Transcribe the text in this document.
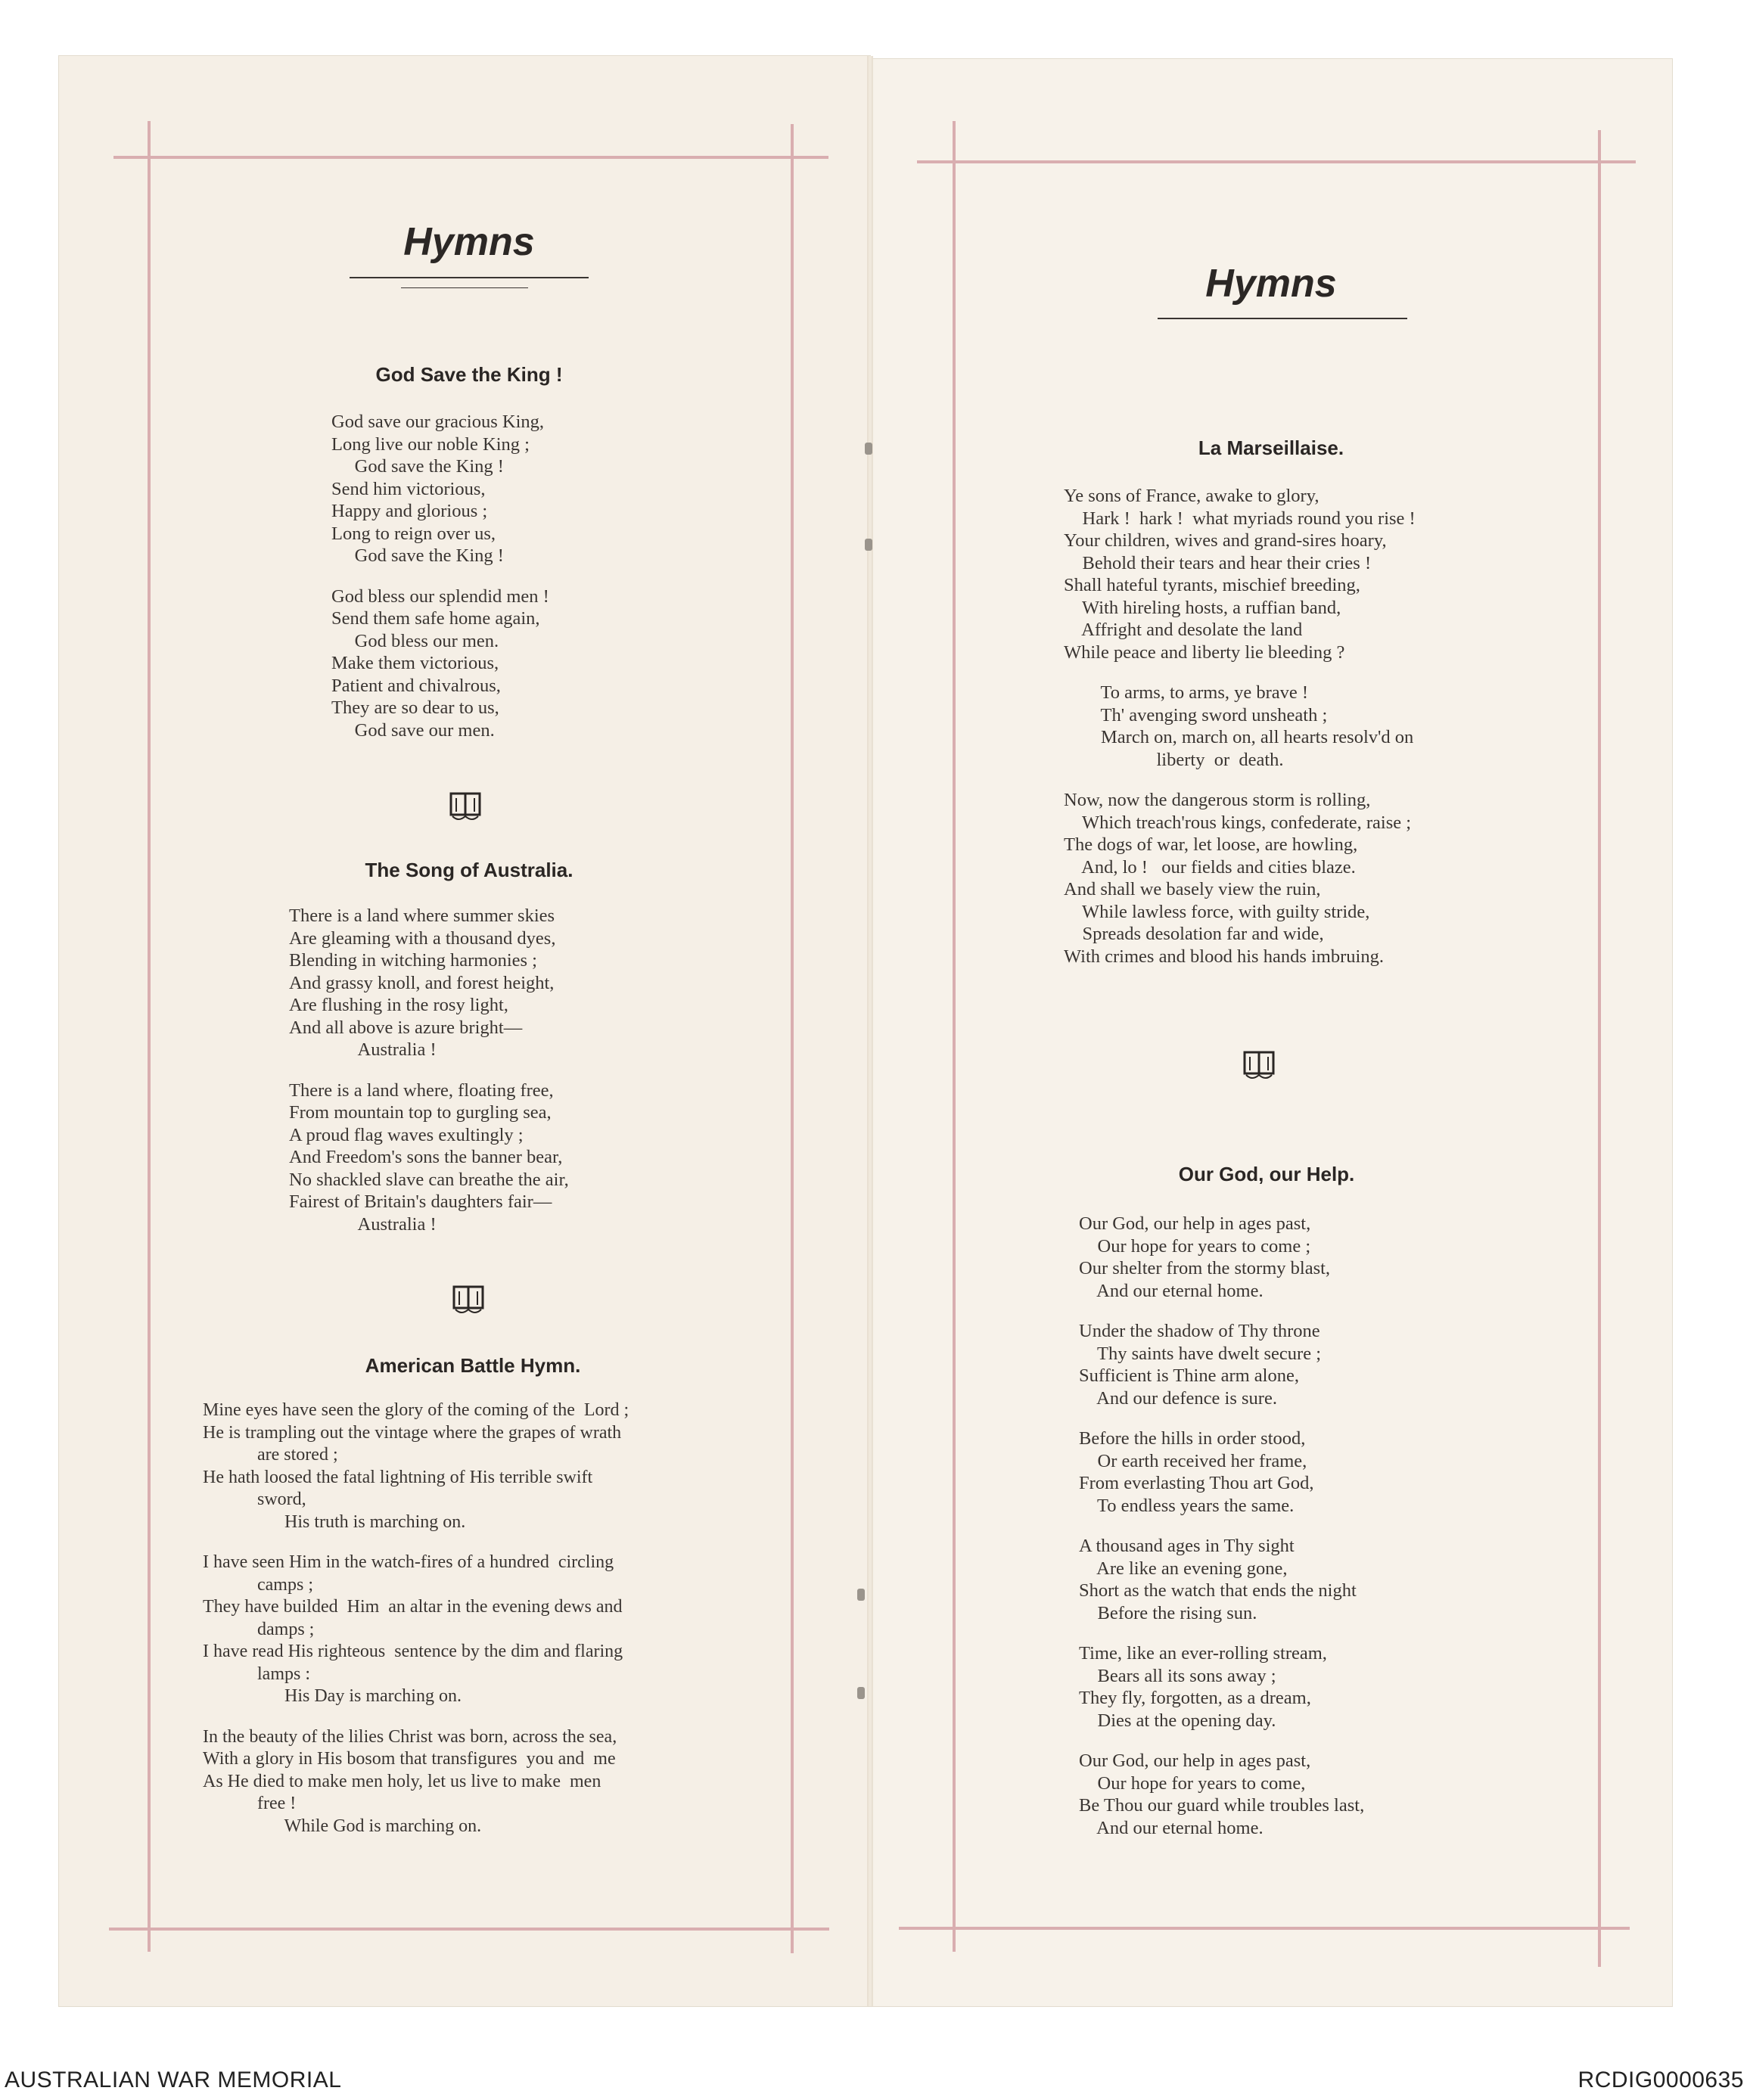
Hymns
God Save the King !
God save our gracious King,
Long live our noble King ;
God save the King !
Send him victorious,
Happy and glorious ;
Long to reign over us,
God save the King !

God bless our splendid men !
Send them safe home again,
God bless our men.
Make them victorious,
Patient and chivalrous,
They are so dear to us,
God save our men.
The Song of Australia.
There is a land where summer skies
Are gleaming with a thousand dyes,
Blending in witching harmonies ;
And grassy knoll, and forest height,
Are flushing in the rosy light,
And all above is azure bright—
Australia !

There is a land where, floating free,
From mountain top to gurgling sea,
A proud flag waves exultingly ;
And Freedom's sons the banner bear,
No shackled slave can breathe the air,
Fairest of Britain's daughters fair—
Australia !
American Battle Hymn.
Mine eyes have seen the glory of the coming of the  Lord ;
He is trampling out the vintage where the grapes of wrath
are stored ;
He hath loosed the fatal lightning of His terrible swift
sword,
His truth is marching on.

I have seen Him in the watch-fires of a hundred  circling
camps ;
They have builded  Him  an altar in the evening dews and
damps ;
I have read His righteous  sentence by the dim and flaring
lamps :
His Day is marching on.

In the beauty of the lilies Christ was born, across the sea,
With a glory in His bosom that transfigures  you and  me
As He died to make men holy, let us live to make  men
free !
While God is marching on.
Hymns
La Marseillaise.
Ye sons of France, awake to glory,
Hark !  hark !  what myriads round you rise !
Your children, wives and grand-sires hoary,
Behold their tears and hear their cries !
Shall hateful tyrants, mischief breeding,
With hireling hosts, a ruffian band,
Affright and desolate the land
While peace and liberty lie bleeding ?

To arms, to arms, ye brave !
Th' avenging sword unsheath ;
March on, march on, all hearts resolv'd on
liberty  or  death.

Now, now the dangerous storm is rolling,
Which treach'rous kings, confederate, raise ;
The dogs of war, let loose, are howling,
And, lo !   our fields and cities blaze.
And shall we basely view the ruin,
While lawless force, with guilty stride,
Spreads desolation far and wide,
With crimes and blood his hands imbruing.
Our God, our Help.
Our God, our help in ages past,
Our hope for years to come ;
Our shelter from the stormy blast,
And our eternal home.

Under the shadow of Thy throne
Thy saints have dwelt secure ;
Sufficient is Thine arm alone,
And our defence is sure.

Before the hills in order stood,
Or earth received her frame,
From everlasting Thou art God,
To endless years the same.

A thousand ages in Thy sight
Are like an evening gone,
Short as the watch that ends the night
Before the rising sun.

Time, like an ever-rolling stream,
Bears all its sons away ;
They fly, forgotten, as a dream,
Dies at the opening day.

Our God, our help in ages past,
Our hope for years to come,
Be Thou our guard while troubles last,
And our eternal home.
AUSTRALIAN WAR MEMORIAL	RCDIG0000635
